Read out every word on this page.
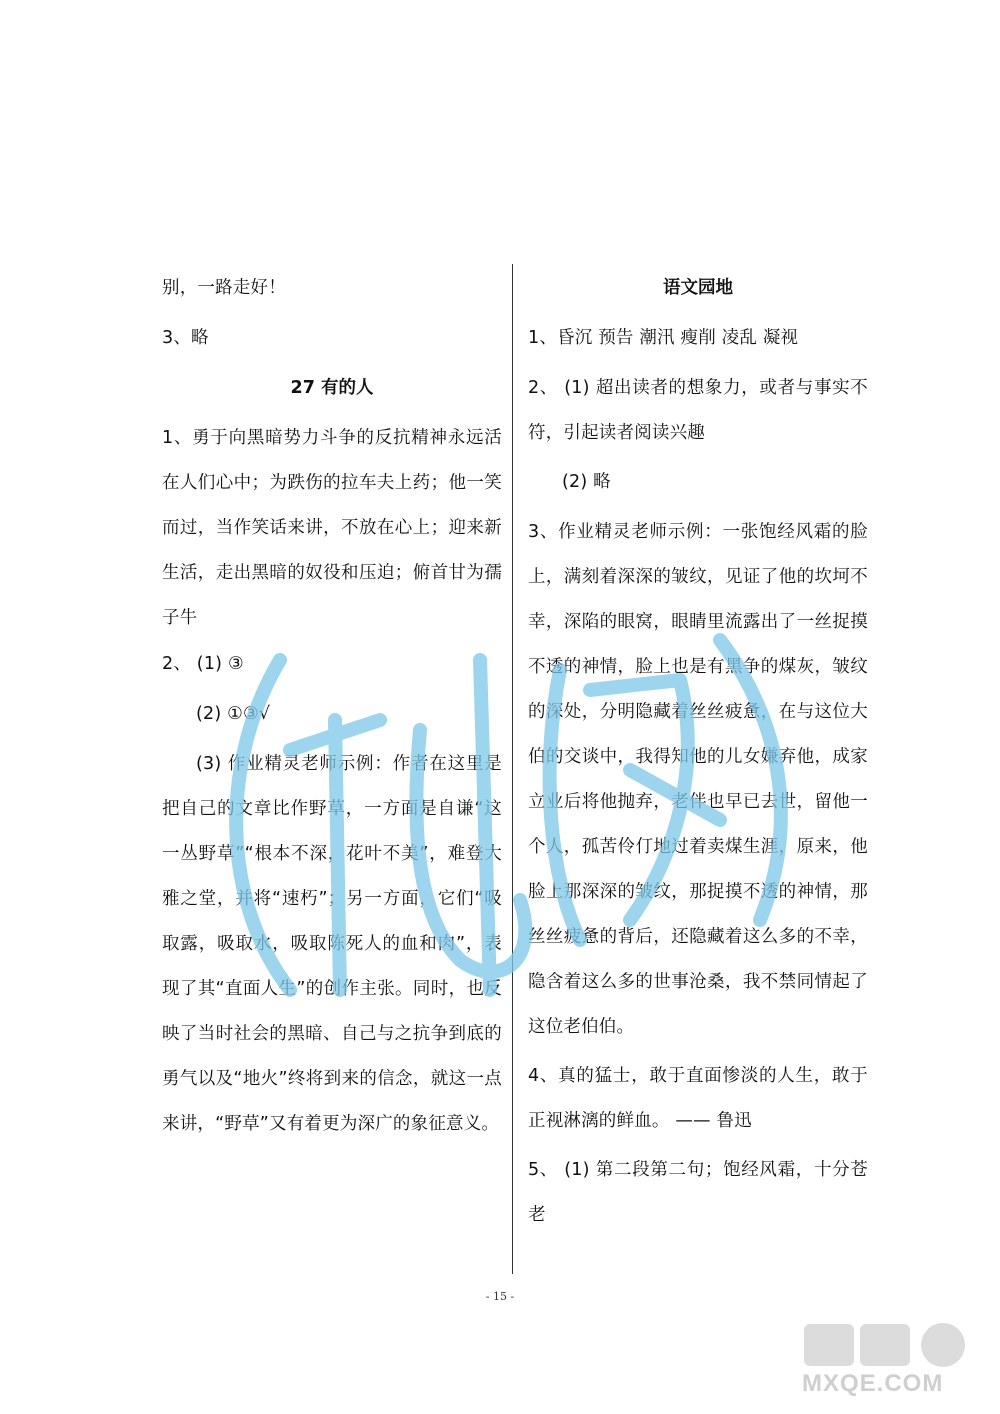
别，一路走好！

3、略

27 有的人

1、勇于向黑暗势力斗争的反抗精神永远活在人们心中；为跌伤的拉车夫上药；他一笑而过，当作笑话来讲，不放在心上；迎来新生活，走出黑暗的奴役和压迫；俯首甘为孺子牛

2、 (1) ③

(2) ①③√

(3) 作业精灵老师示例：作者在这里是把自己的文章比作野草，一方面是自谦“这一丛野草”“根本不深，花叶不美”，难登大雅之堂，并将“速朽”；另一方面，它们“吸取露，吸取水，吸取陈死人的血和肉”，表现了其“直面人生”的创作主张。同时，也反映了当时社会的黑暗、自己与之抗争到底的勇气以及“地火”终将到来的信念，就这一点来讲，“野草”又有着更为深广的象征意义。

语文园地

1、昏沉 预告 潮汛 瘦削 凌乱 凝视

2、 (1) 超出读者的想象力，或者与事实不符，引起读者阅读兴趣

(2) 略

3、作业精灵老师示例：一张饱经风霜的脸上，满刻着深深的皱纹，见证了他的坎坷不幸，深陷的眼窝，眼睛里流露出了一丝捉摸不透的神情，脸上也是有黑争的煤灰，皱纹的深处，分明隐藏着丝丝疲惫，在与这位大伯的交谈中，我得知他的儿女嫌弃他，成家立业后将他抛弃，老伴也早已去世，留他一个人，孤苦伶仃地过着卖煤生涯，原来，他脸上那深深的皱纹，那捉摸不透的神情，那丝丝疲惫的背后，还隐藏着这么多的不幸，隐含着这么多的世事沧桑，我不禁同情起了这位老伯伯。

4、真的猛士，敢于直面惨淡的人生，敢于正视淋漓的鲜血。 —— 鲁迅

5、 (1) 第二段第二句；饱经风霜，十分苍老

- 15 -
MXQE.COM
